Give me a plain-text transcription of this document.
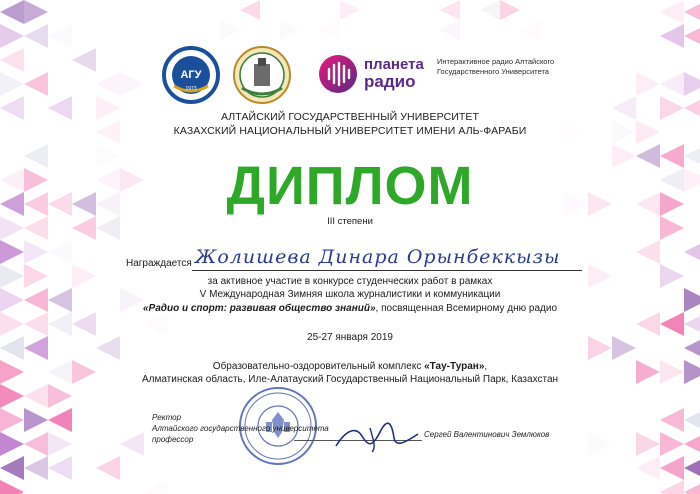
АГУ
1973
планета
радио
Интерактивное радио Алтайского Государственного Университета
АЛТАЙСКИЙ ГОСУДАРСТВЕННЫЙ УНИВЕРСИТЕТ
КАЗАХСКИЙ НАЦИОНАЛЬНЫЙ УНИВЕРСИТЕТ ИМЕНИ АЛЬ-ФАРАБИ
ДИПЛОМ
III степени
Награждается Жолишева Динара Орынбеккызы
за активное участие в конкурсе студенческих работ в рамках
V Международная Зимняя школа журналистики и коммуникации
«Радио и спорт: развивая общество знаний», посвященная Всемирному дню радио
25-27 января 2019
Образовательно-оздоровительный комплекс «Тау-Туран»,
Алматинская область, Иле-Алатауский Государственный Национальный Парк, Казахстан
Ректор
Алтайского государственного университета
профессор
Сергей Валентинович Землюков
